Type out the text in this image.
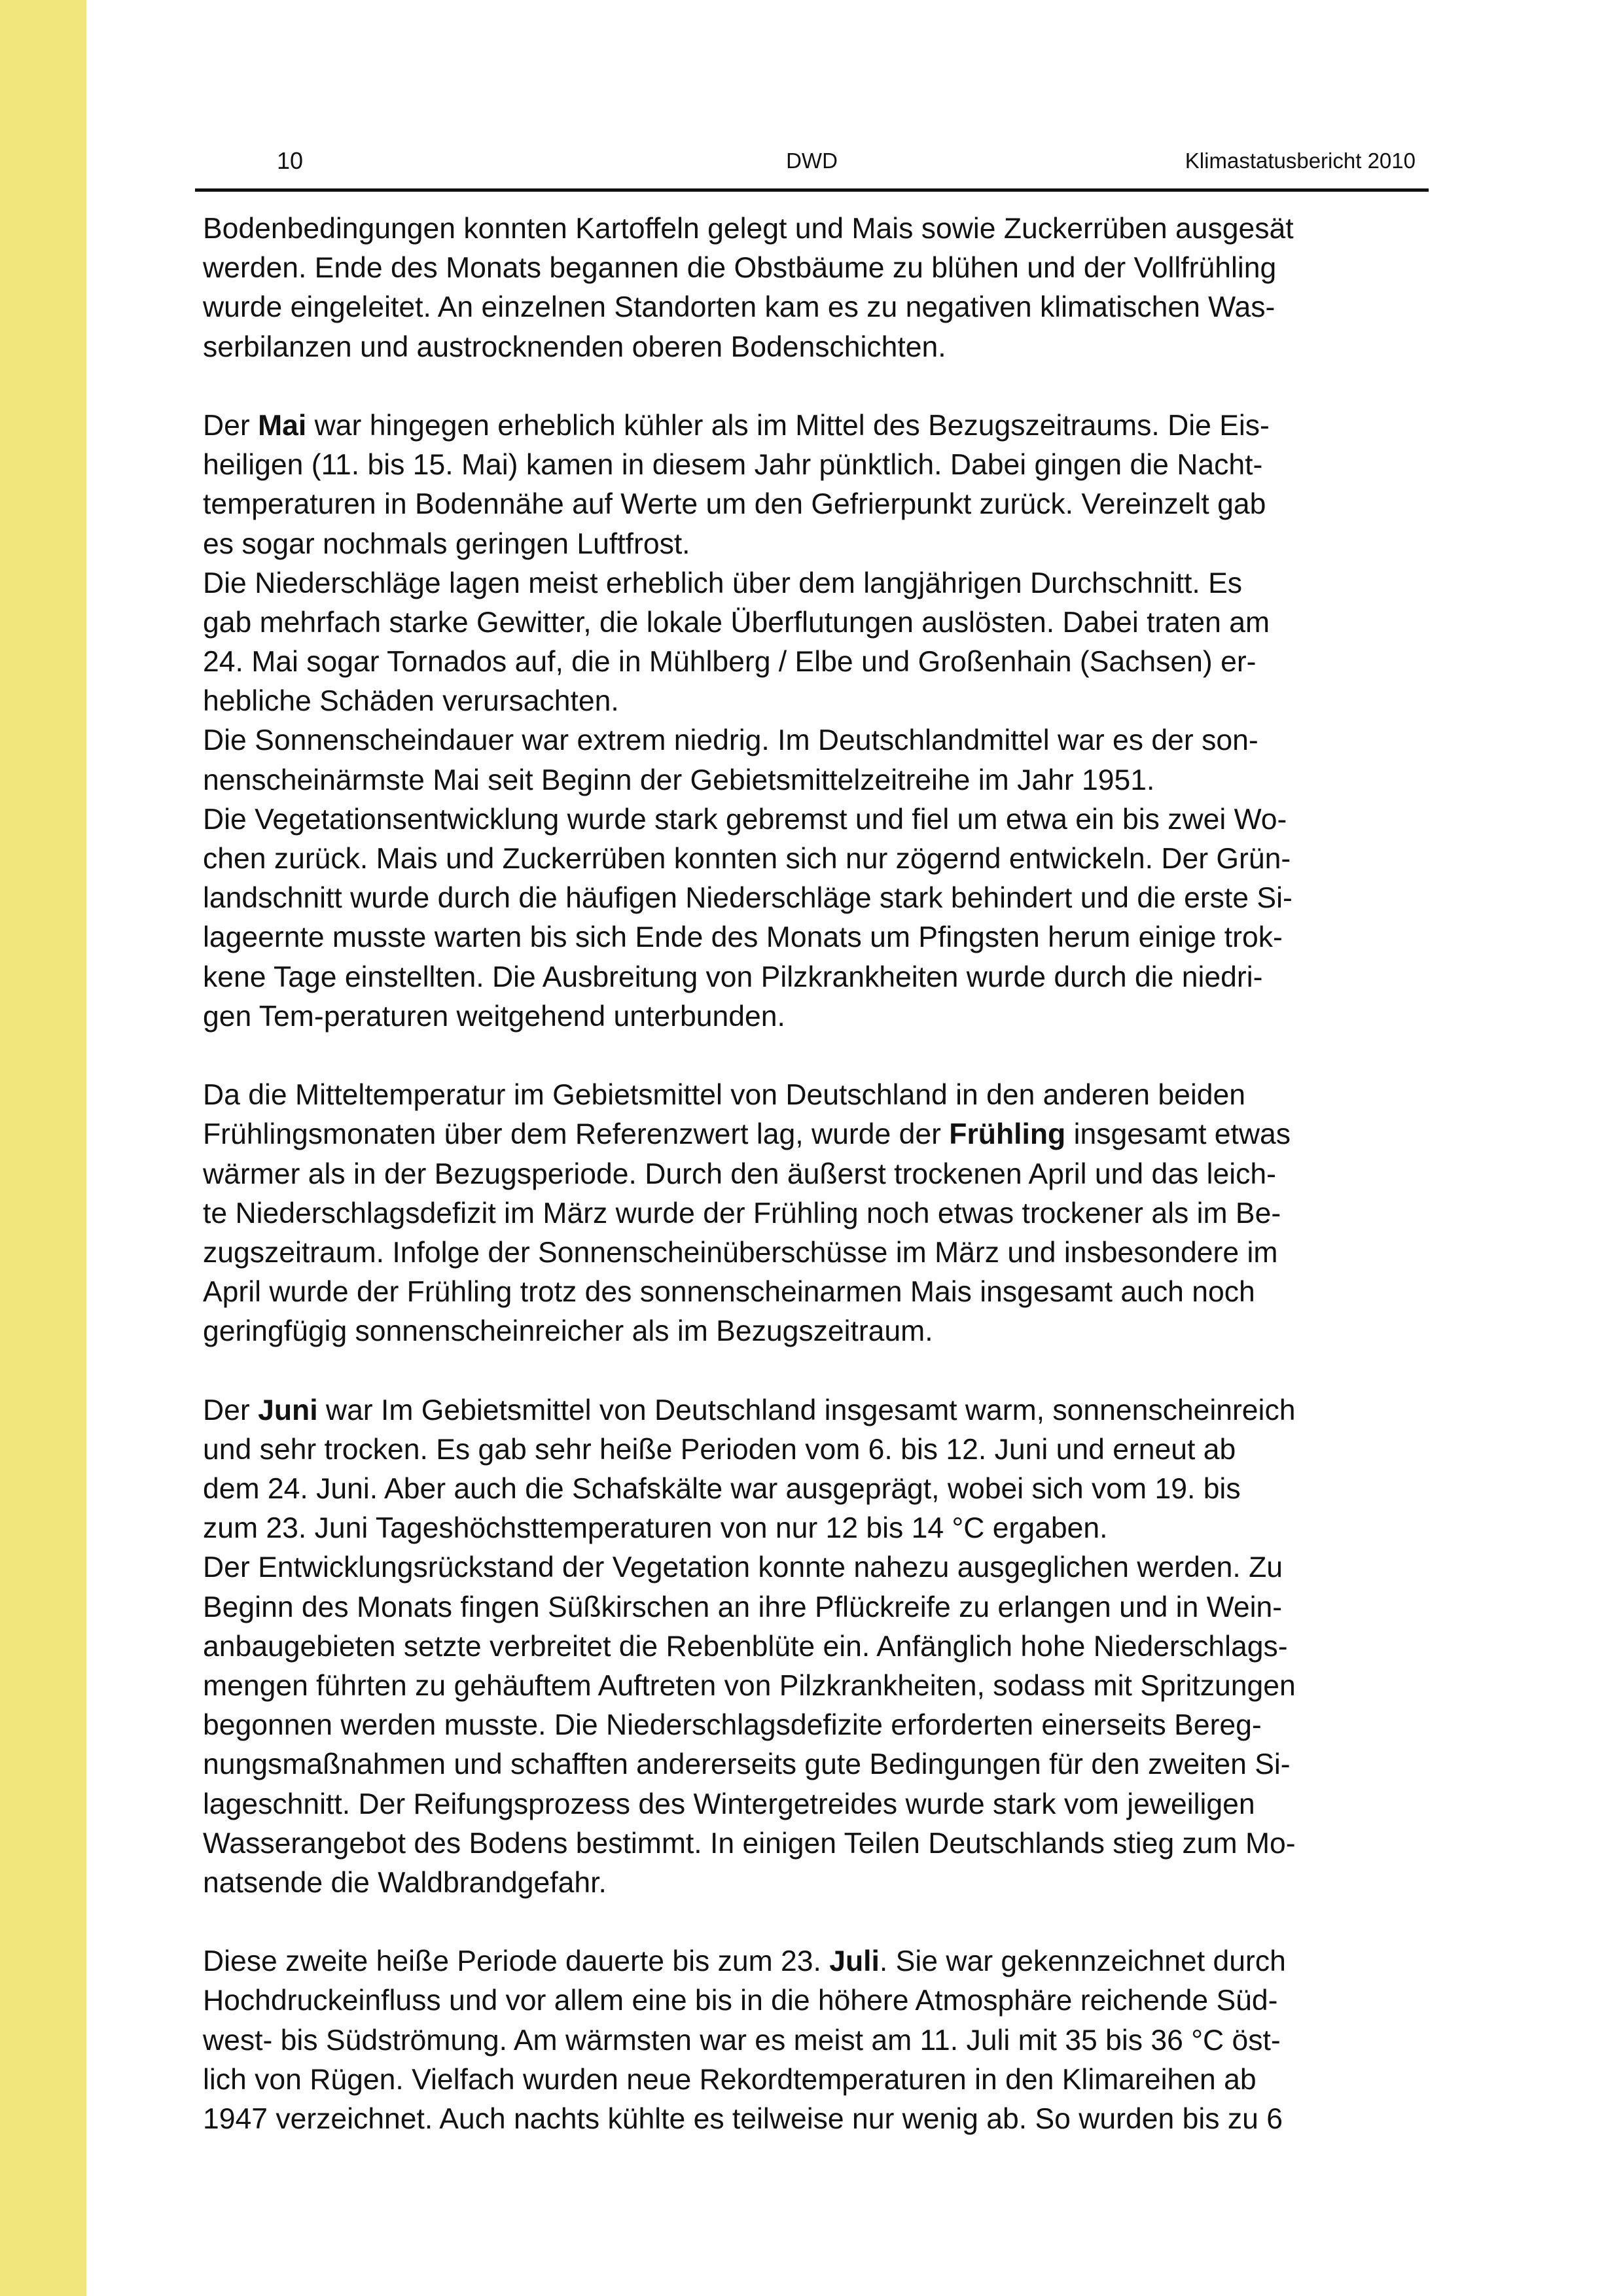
10	DWD	Klimastatusbericht 2010

Bodenbedingungen konnten Kartoffeln gelegt und Mais sowie Zuckerrüben ausgesät
werden. Ende des Monats begannen die Obstbäume zu blühen und der Vollfrühling
wurde eingeleitet. An einzelnen Standorten kam es zu negativen klimatischen Was-
serbilanzen und austrocknenden oberen Bodenschichten.

Der Mai war hingegen erheblich kühler als im Mittel des Bezugszeitraums. Die Eis-
heiligen (11. bis 15. Mai) kamen in diesem Jahr pünktlich. Dabei gingen die Nacht-
temperaturen in Bodennähe auf Werte um den Gefrierpunkt zurück. Vereinzelt gab
es sogar nochmals geringen Luftfrost.
Die Niederschläge lagen meist erheblich über dem langjährigen Durchschnitt. Es
gab mehrfach starke Gewitter, die lokale Überflutungen auslösten. Dabei traten am
24. Mai sogar Tornados auf, die in Mühlberg / Elbe und Großenhain (Sachsen) er-
hebliche Schäden verursachten.
Die Sonnenscheindauer war extrem niedrig. Im Deutschlandmittel war es der son-
nenscheinärmste Mai seit Beginn der Gebietsmittelzeitreihe im Jahr 1951.
Die Vegetationsentwicklung wurde stark gebremst und fiel um etwa ein bis zwei Wo-
chen zurück. Mais und Zuckerrüben konnten sich nur zögernd entwickeln. Der Grün-
landschnitt wurde durch die häufigen Niederschläge stark behindert und die erste Si-
lageernte musste warten bis sich Ende des Monats um Pfingsten herum einige trok-
kene Tage einstellten. Die Ausbreitung von Pilzkrankheiten wurde durch die niedri-
gen Tem-peraturen weitgehend unterbunden.

Da die Mitteltemperatur im Gebietsmittel von Deutschland in den anderen beiden
Frühlingsmonaten über dem Referenzwert lag, wurde der Frühling insgesamt etwas
wärmer als in der Bezugsperiode. Durch den äußerst trockenen April und das leich-
te Niederschlagsdefizit im März wurde der Frühling noch etwas trockener als im Be-
zugszeitraum. Infolge der Sonnenscheinüberschüsse im März und insbesondere im
April wurde der Frühling trotz des sonnenscheinarmen Mais insgesamt auch noch
geringfügig sonnenscheinreicher als im Bezugszeitraum.

Der Juni war Im Gebietsmittel von Deutschland insgesamt warm, sonnenscheinreich
und sehr trocken. Es gab sehr heiße Perioden vom 6. bis 12. Juni und erneut ab
dem 24. Juni. Aber auch die Schafskälte war ausgeprägt, wobei sich vom 19. bis
zum 23. Juni Tageshöchsttemperaturen von nur 12 bis 14 °C ergaben.
Der Entwicklungsrückstand der Vegetation konnte nahezu ausgeglichen werden. Zu
Beginn des Monats fingen Süßkirschen an ihre Pflückreife zu erlangen und in Wein-
anbaugebieten setzte verbreitet die Rebenblüte ein. Anfänglich hohe Niederschlags-
mengen führten zu gehäuftem Auftreten von Pilzkrankheiten, sodass mit Spritzungen
begonnen werden musste. Die Niederschlagsdefizite erforderten einerseits Bereg-
nungsmaßnahmen und schafften andererseits gute Bedingungen für den zweiten Si-
lageschnitt. Der Reifungsprozess des Wintergetreides wurde stark vom jeweiligen
Wasserangebot des Bodens bestimmt. In einigen Teilen Deutschlands stieg zum Mo-
natsende die Waldbrandgefahr.

Diese zweite heiße Periode dauerte bis zum 23. Juli. Sie war gekennzeichnet durch
Hochdruckeinfluss und vor allem eine bis in die höhere Atmosphäre reichende Süd-
west- bis Südströmung. Am wärmsten war es meist am 11. Juli mit 35 bis 36 °C öst-
lich von Rügen. Vielfach wurden neue Rekordtemperaturen in den Klimareihen ab
1947 verzeichnet. Auch nachts kühlte es teilweise nur wenig ab. So wurden bis zu 6
